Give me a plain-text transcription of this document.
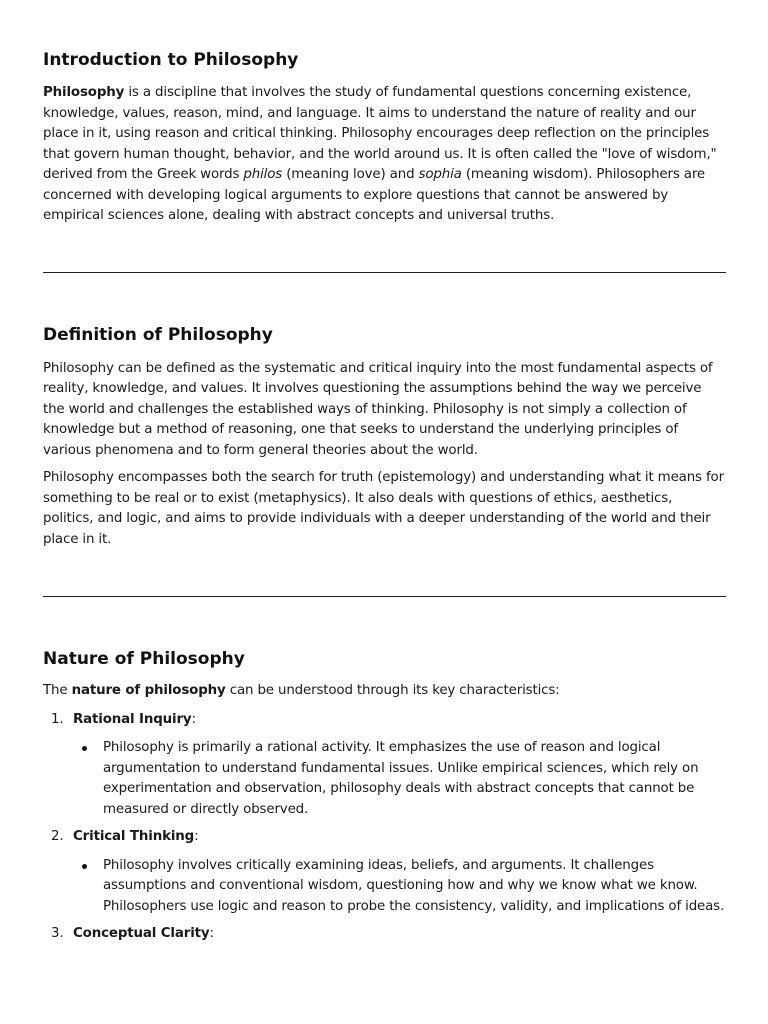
Introduction to Philosophy

Philosophy is a discipline that involves the study of fundamental questions concerning existence, knowledge, values, reason, mind, and language. It aims to understand the nature of reality and our place in it, using reason and critical thinking. Philosophy encourages deep reflection on the principles that govern human thought, behavior, and the world around us. It is often called the "love of wisdom," derived from the Greek words philos (meaning love) and sophia (meaning wisdom). Philosophers are concerned with developing logical arguments to explore questions that cannot be answered by empirical sciences alone, dealing with abstract concepts and universal truths.

Definition of Philosophy

Philosophy can be defined as the systematic and critical inquiry into the most fundamental aspects of reality, knowledge, and values. It involves questioning the assumptions behind the way we perceive the world and challenges the established ways of thinking. Philosophy is not simply a collection of knowledge but a method of reasoning, one that seeks to understand the underlying principles of various phenomena and to form general theories about the world.

Philosophy encompasses both the search for truth (epistemology) and understanding what it means for something to be real or to exist (metaphysics). It also deals with questions of ethics, aesthetics, politics, and logic, and aims to provide individuals with a deeper understanding of the world and their place in it.

Nature of Philosophy

The nature of philosophy can be understood through its key characteristics:

1. Rational Inquiry:
Philosophy is primarily a rational activity. It emphasizes the use of reason and logical argumentation to understand fundamental issues. Unlike empirical sciences, which rely on experimentation and observation, philosophy deals with abstract concepts that cannot be measured or directly observed.
2. Critical Thinking:
Philosophy involves critically examining ideas, beliefs, and arguments. It challenges assumptions and conventional wisdom, questioning how and why we know what we know. Philosophers use logic and reason to probe the consistency, validity, and implications of ideas.
3. Conceptual Clarity:
